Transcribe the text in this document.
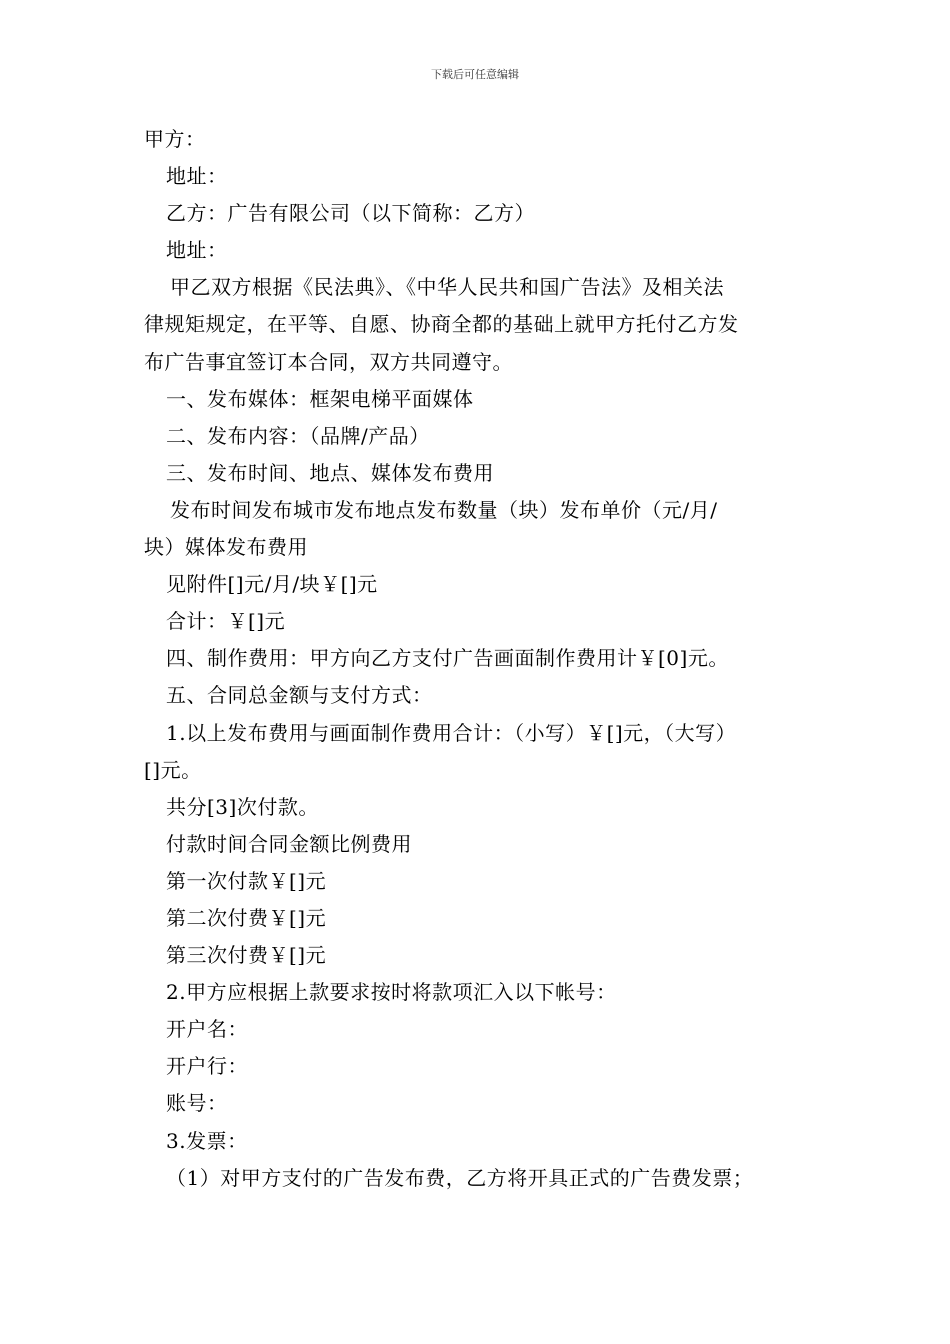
下载后可任意编辑
甲方：
地址：
乙方：广告有限公司（以下简称：乙方）
地址：
甲乙双方根据《民法典》、《中华人民共和国广告法》及相关法
律规矩规定，在平等、自愿、协商全都的基础上就甲方托付乙方发
布广告事宜签订本合同，双方共同遵守。
一、发布媒体：框架电梯平面媒体
二、发布内容：（品牌/产品）
三、发布时间、地点、媒体发布费用
发布时间发布城市发布地点发布数量（块）发布单价（元/月/
块）媒体发布费用
见附件[]元/月/块￥[]元
合计：￥[]元
四、制作费用：甲方向乙方支付广告画面制作费用计￥[0]元。
五、合同总金额与支付方式：
1.以上发布费用与画面制作费用合计：（小写）￥[]元，（大写）
[]元。
共分[3]次付款。
付款时间合同金额比例费用
第一次付款￥[]元
第二次付费￥[]元
第三次付费￥[]元
2.甲方应根据上款要求按时将款项汇入以下帐号：
开户名：
开户行：
账号：
3.发票：
（1）对甲方支付的广告发布费，乙方将开具正式的广告费发票；
